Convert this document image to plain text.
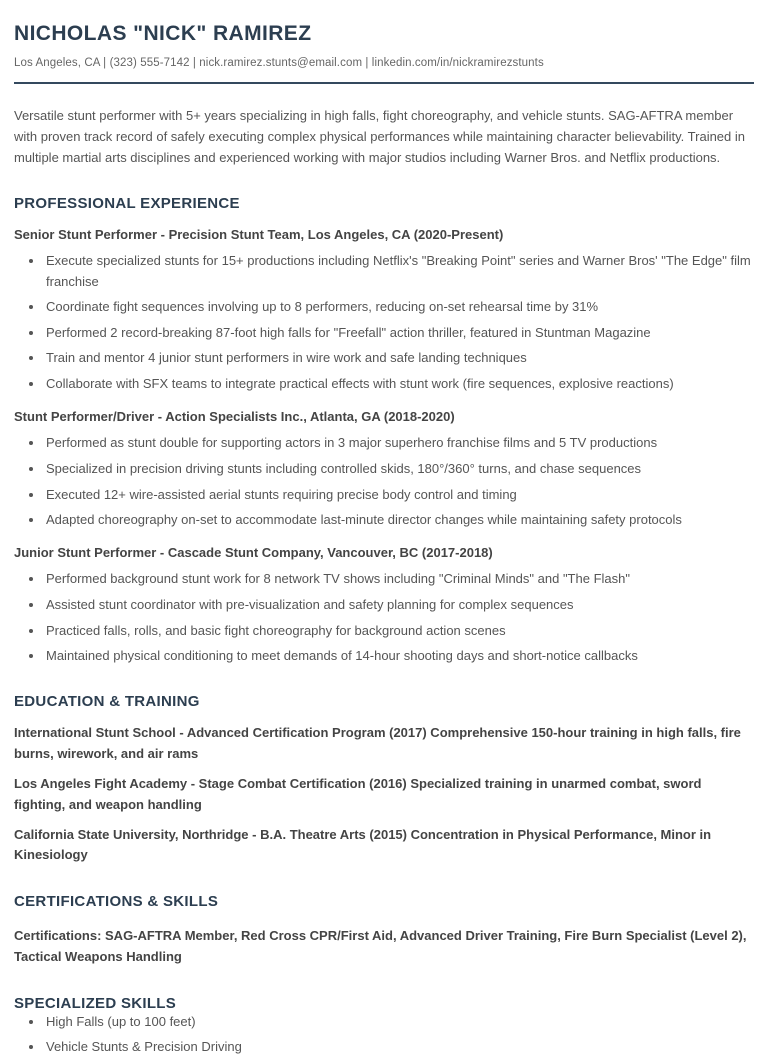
NICHOLAS "NICK" RAMIREZ

Los Angeles, CA | (323) 555-7142 | nick.ramirez.stunts@email.com | linkedin.com/in/nickramirezstunts

Versatile stunt performer with 5+ years specializing in high falls, fight choreography, and vehicle stunts. SAG-AFTRA member with proven track record of safely executing complex physical performances while maintaining character believability. Trained in multiple martial arts disciplines and experienced working with major studios including Warner Bros. and Netflix productions.

PROFESSIONAL EXPERIENCE
Senior Stunt Performer - Precision Stunt Team, Los Angeles, CA (2020-Present)
• Execute specialized stunts for 15+ productions including Netflix's "Breaking Point" series and Warner Bros' "The Edge" film franchise
• Coordinate fight sequences involving up to 8 performers, reducing on-set rehearsal time by 31%
• Performed 2 record-breaking 87-foot high falls for "Freefall" action thriller, featured in Stuntman Magazine
• Train and mentor 4 junior stunt performers in wire work and safe landing techniques
• Collaborate with SFX teams to integrate practical effects with stunt work (fire sequences, explosive reactions)
Stunt Performer/Driver - Action Specialists Inc., Atlanta, GA (2018-2020)
• Performed as stunt double for supporting actors in 3 major superhero franchise films and 5 TV productions
• Specialized in precision driving stunts including controlled skids, 180°/360° turns, and chase sequences
• Executed 12+ wire-assisted aerial stunts requiring precise body control and timing
• Adapted choreography on-set to accommodate last-minute director changes while maintaining safety protocols
Junior Stunt Performer - Cascade Stunt Company, Vancouver, BC (2017-2018)
• Performed background stunt work for 8 network TV shows including "Criminal Minds" and "The Flash"
• Assisted stunt coordinator with pre-visualization and safety planning for complex sequences
• Practiced falls, rolls, and basic fight choreography for background action scenes
• Maintained physical conditioning to meet demands of 14-hour shooting days and short-notice callbacks
EDUCATION & TRAINING

International Stunt School - Advanced Certification Program (2017) Comprehensive 150-hour training in high falls, fire burns, wirework, and air rams

Los Angeles Fight Academy - Stage Combat Certification (2016) Specialized training in unarmed combat, sword fighting, and weapon handling

California State University, Northridge - B.A. Theatre Arts (2015) Concentration in Physical Performance, Minor in Kinesiology

CERTIFICATIONS & SKILLS

Certifications: SAG-AFTRA Member, Red Cross CPR/First Aid, Advanced Driver Training, Fire Burn Specialist (Level 2), Tactical Weapons Handling

SPECIALIZED SKILLS
• High Falls (up to 100 feet)
• Vehicle Stunts & Precision Driving
